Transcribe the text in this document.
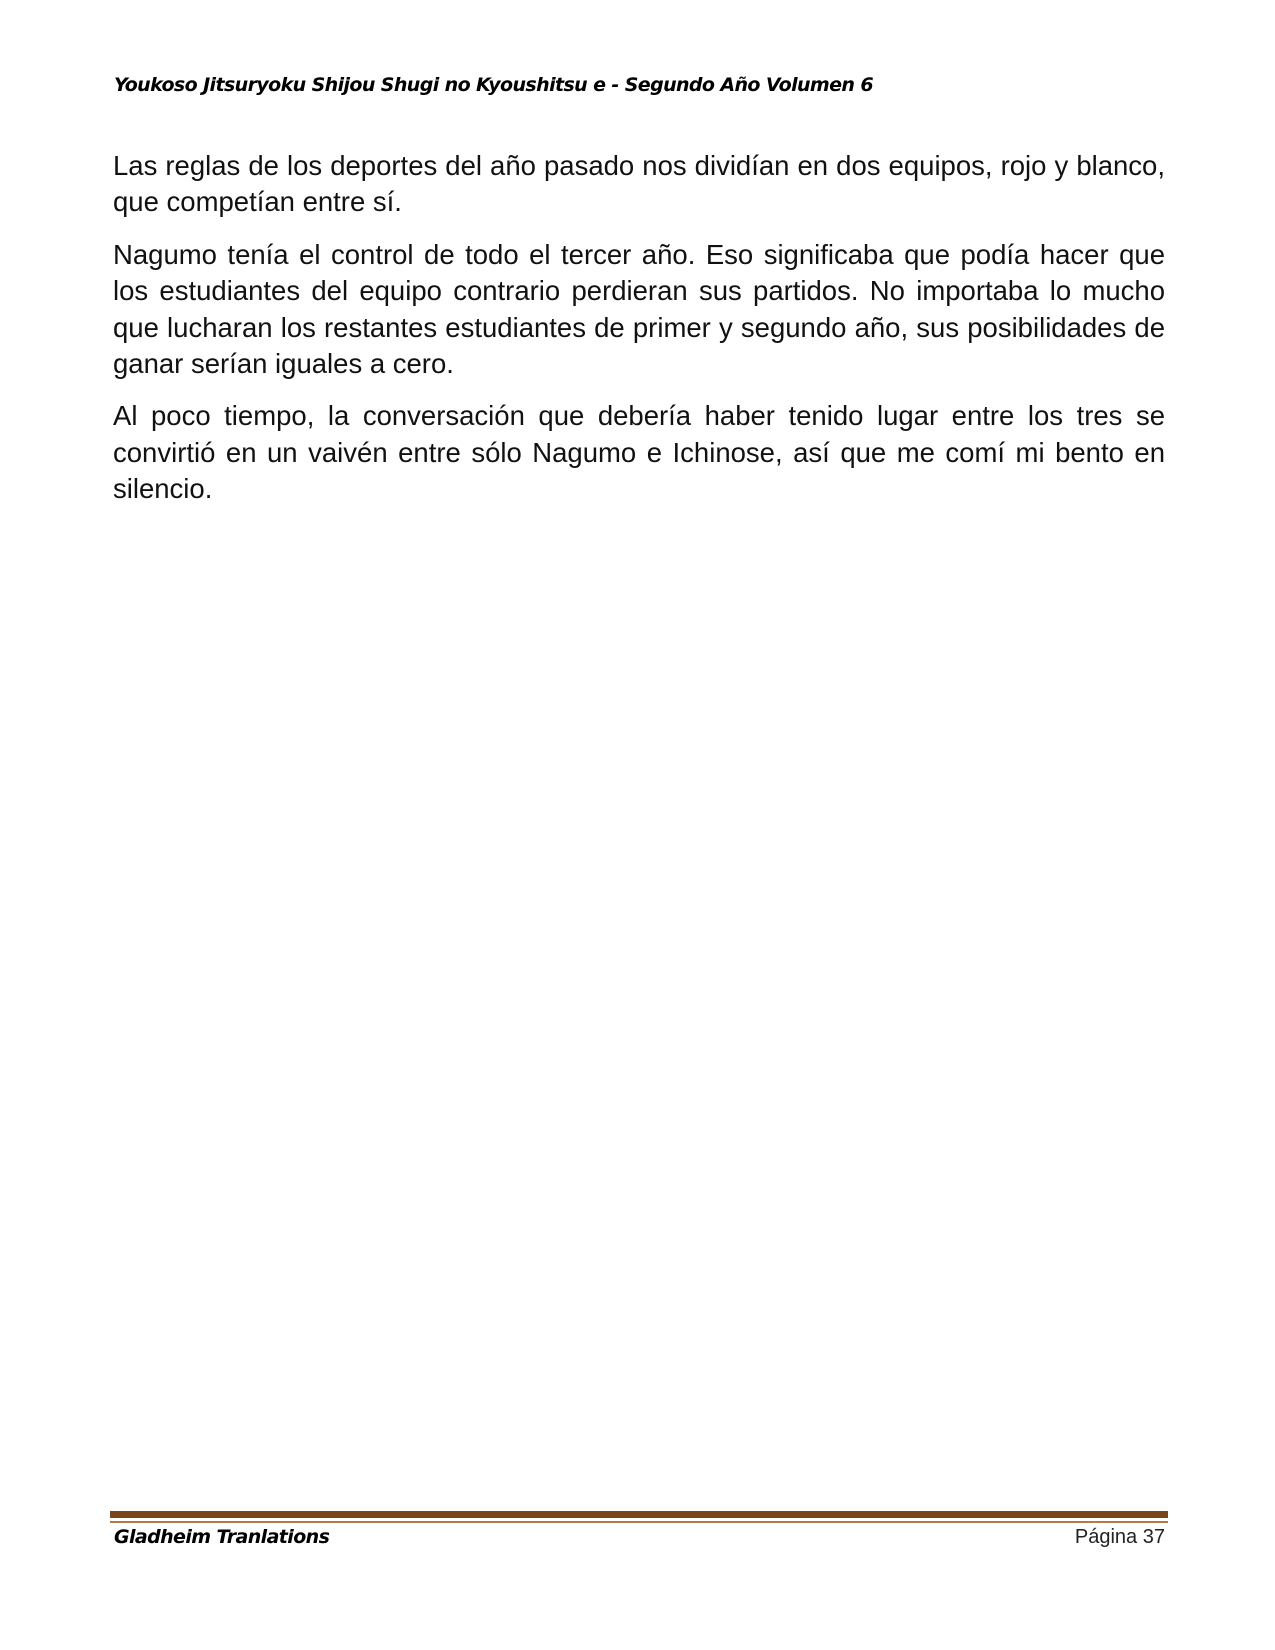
Youkoso Jitsuryoku Shijou Shugi no Kyoushitsu e - Segundo Año Volumen 6

Las reglas de los deportes del año pasado nos dividían en dos equipos, rojo y blanco, que competían entre sí.

Nagumo tenía el control de todo el tercer año. Eso significaba que podía hacer que los estudiantes del equipo contrario perdieran sus partidos. No importaba lo mucho que lucharan los restantes estudiantes de primer y segundo año, sus posibilidades de ganar serían iguales a cero.

Al poco tiempo, la conversación que debería haber tenido lugar entre los tres se convirtió en un vaivén entre sólo Nagumo e Ichinose, así que me comí mi bento en silencio.

Gladheim Tranlations	Página 37
